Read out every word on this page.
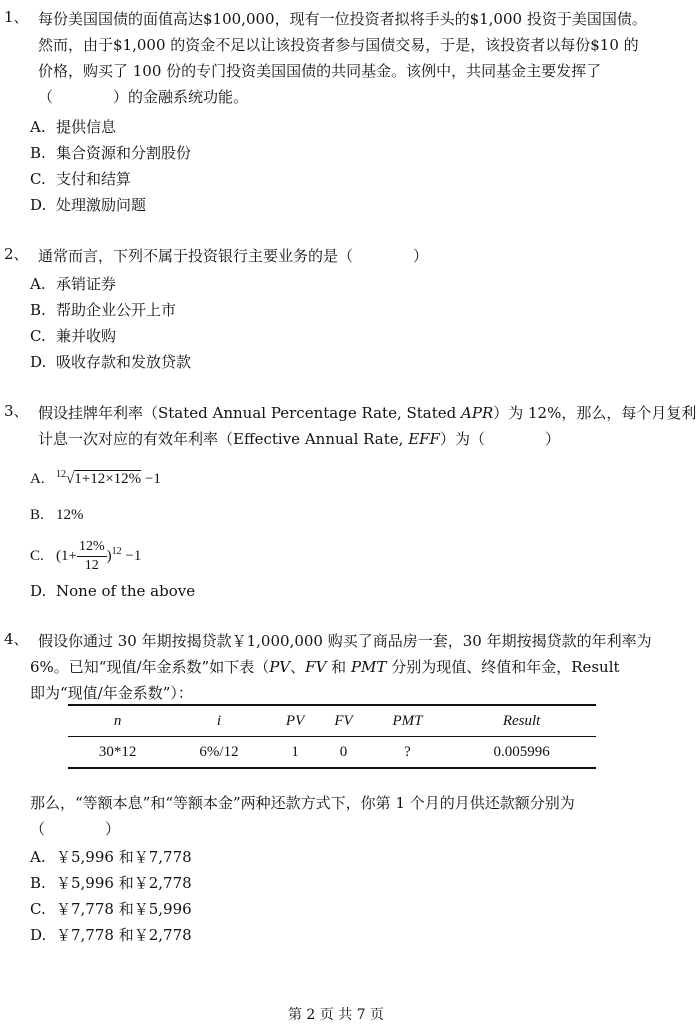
1、 每份美国国债的面值高达$100,000，现有一位投资者拟将手头的$1,000 投资于美国国债。
然而，由于$1,000 的资金不足以让该投资者参与国债交易，于是，该投资者以每份$10 的
价格，购买了 100 份的专门投资美国国债的共同基金。该例中，共同基金主要发挥了
（　　　　）的金融系统功能。
A. 提供信息
B. 集合资源和分割股份
C. 支付和结算
D. 处理激励问题
2、 通常而言，下列不属于投资银行主要业务的是（　　　　）
A. 承销证券
B. 帮助企业公开上市
C. 兼并收购
D. 吸收存款和发放贷款
3、 假设挂牌年利率（Stated Annual Percentage Rate, Stated APR）为 12%，那么，每个月复利
计息一次对应的有效年利率（Effective Annual Rate, EFF）为（　　　　）
A. $^{12}$√1+12×12% −1
B. 12%
C. $(1+ \frac{12\%}{12} )^{12} -1$
D. None of the above
4、 假设你通过 30 年期按揭贷款￥1,000,000 购买了商品房一套，30 年期按揭贷款的年利率为
6%。已知“现值/年金系数”如下表（PV、FV 和 PMT 分别为现值、终值和年金，Result
即为“现值/年金系数”）：
n	i	PV	FV	PMT	Result
30*12	6%/12	1	0	?	0.005996
那么，“等额本息”和“等额本金”两种还款方式下，你第 1 个月的月供还款额分别为
（　　　　）
A. ￥5,996 和￥7,778
B. ￥5,996 和￥2,778
C. ￥7,778 和￥5,996
D. ￥7,778 和￥2,778
第 2 页 共 7 页
